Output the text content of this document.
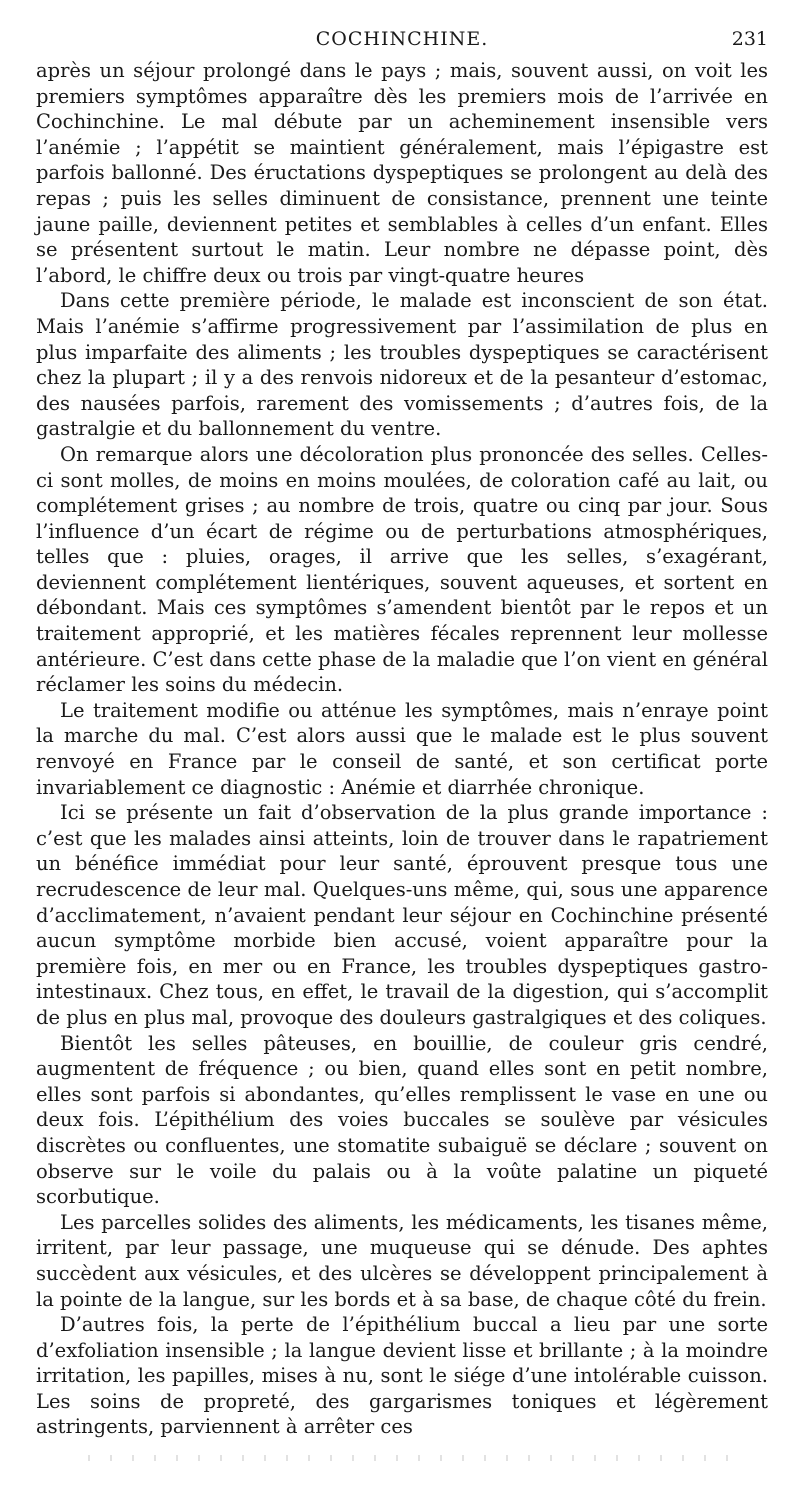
COCHINCHINE.	231

après un séjour prolongé dans le pays ; mais, souvent aussi, on voit les premiers symptômes apparaître dès les premiers mois de l’arrivée en Cochinchine. Le mal débute par un acheminement insensible vers l’anémie ; l’appétit se maintient généralement, mais l’épigastre est parfois ballonné. Des éructations dyspeptiques se prolongent au delà des repas ; puis les selles diminuent de consistance, prennent une teinte jaune paille, deviennent petites et semblables à celles d’un enfant. Elles se présentent surtout le matin. Leur nombre ne dépasse point, dès l’abord, le chiffre deux ou trois par vingt-quatre heures

Dans cette première période, le malade est inconscient de son état. Mais l’anémie s’affirme progressivement par l’assimilation de plus en plus imparfaite des aliments ; les troubles dyspeptiques se caractérisent chez la plupart ; il y a des renvois nidoreux et de la pesanteur d’estomac, des nausées parfois, rarement des vomissements ; d’autres fois, de la gastralgie et du ballonnement du ventre.

On remarque alors une décoloration plus prononcée des selles. Celles-ci sont molles, de moins en moins moulées, de coloration café au lait, ou complétement grises ; au nombre de trois, quatre ou cinq par jour. Sous l’influence d’un écart de régime ou de perturbations atmosphériques, telles que : pluies, orages, il arrive que les selles, s’exagérant, deviennent complétement lientériques, souvent aqueuses, et sortent en débondant. Mais ces symptômes s’amendent bientôt par le repos et un traitement approprié, et les matières fécales reprennent leur mollesse antérieure. C’est dans cette phase de la maladie que l’on vient en général réclamer les soins du médecin.

Le traitement modifie ou atténue les symptômes, mais n’enraye point la marche du mal. C’est alors aussi que le malade est le plus souvent renvoyé en France par le conseil de santé, et son certificat porte invariablement ce diagnostic : Anémie et diarrhée chronique.

Ici se présente un fait d’observation de la plus grande importance : c’est que les malades ainsi atteints, loin de trouver dans le rapatriement un bénéfice immédiat pour leur santé, éprouvent presque tous une recrudescence de leur mal. Quelques-uns même, qui, sous une apparence d’acclimatement, n’avaient pendant leur séjour en Cochinchine présenté aucun symptôme morbide bien accusé, voient apparaître pour la première fois, en mer ou en France, les troubles dyspeptiques gastro-intestinaux. Chez tous, en effet, le travail de la digestion, qui s’accomplit de plus en plus mal, provoque des douleurs gastralgiques et des coliques.

Bientôt les selles pâteuses, en bouillie, de couleur gris cendré, augmentent de fréquence ; ou bien, quand elles sont en petit nombre, elles sont parfois si abondantes, qu’elles remplissent le vase en une ou deux fois. L’épithélium des voies buccales se soulève par vésicules discrètes ou confluentes, une stomatite subaiguë se déclare ; souvent on observe sur le voile du palais ou à la voûte palatine un piqueté scorbutique.

Les parcelles solides des aliments, les médicaments, les tisanes même, irritent, par leur passage, une muqueuse qui se dénude. Des aphtes succèdent aux vésicules, et des ulcères se développent principalement à la pointe de la langue, sur les bords et à sa base, de chaque côté du frein.

D’autres fois, la perte de l’épithélium buccal a lieu par une sorte d’exfoliation insensible ; la langue devient lisse et brillante ; à la moindre irritation, les papilles, mises à nu, sont le siége d’une intolérable cuisson. Les soins de propreté, des gargarismes toniques et légèrement astringents, parviennent à arrêter ces
